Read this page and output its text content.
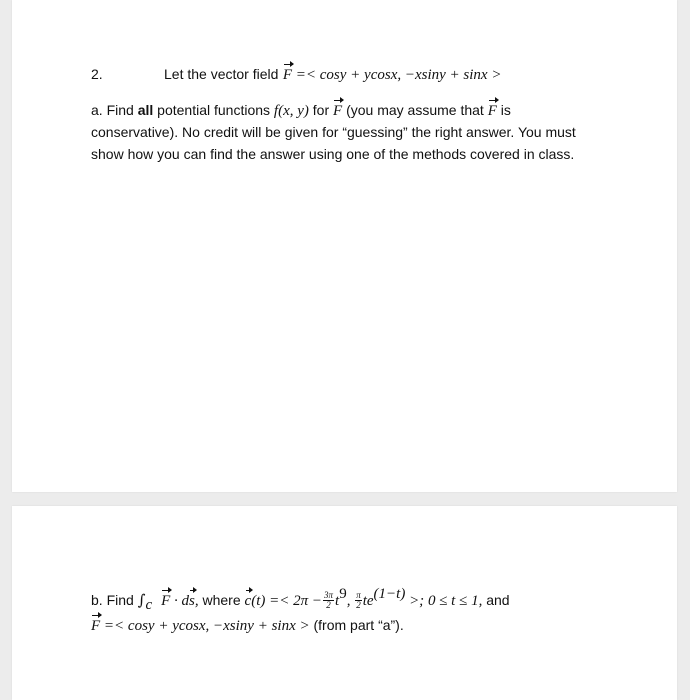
2.	Let the vector field F =< cosy + ycosx, −xsiny + sinx >
a. Find all potential functions f(x, y) for F (you may assume that F is
conservative). No credit will be given for “guessing” the right answer. You must
show how you can find the answer using one of the methods covered in class.
b. Find $\int_c$ F · ds, where $c(t) =< 2\pi - \frac{3\pi}{2} t^9$, $\frac{\pi}{2} te^{(1-t)}$ >; 0 ≤ t ≤ 1, and
F =< cosy + ycosx, −xsiny + sinx > (from part “a”).
